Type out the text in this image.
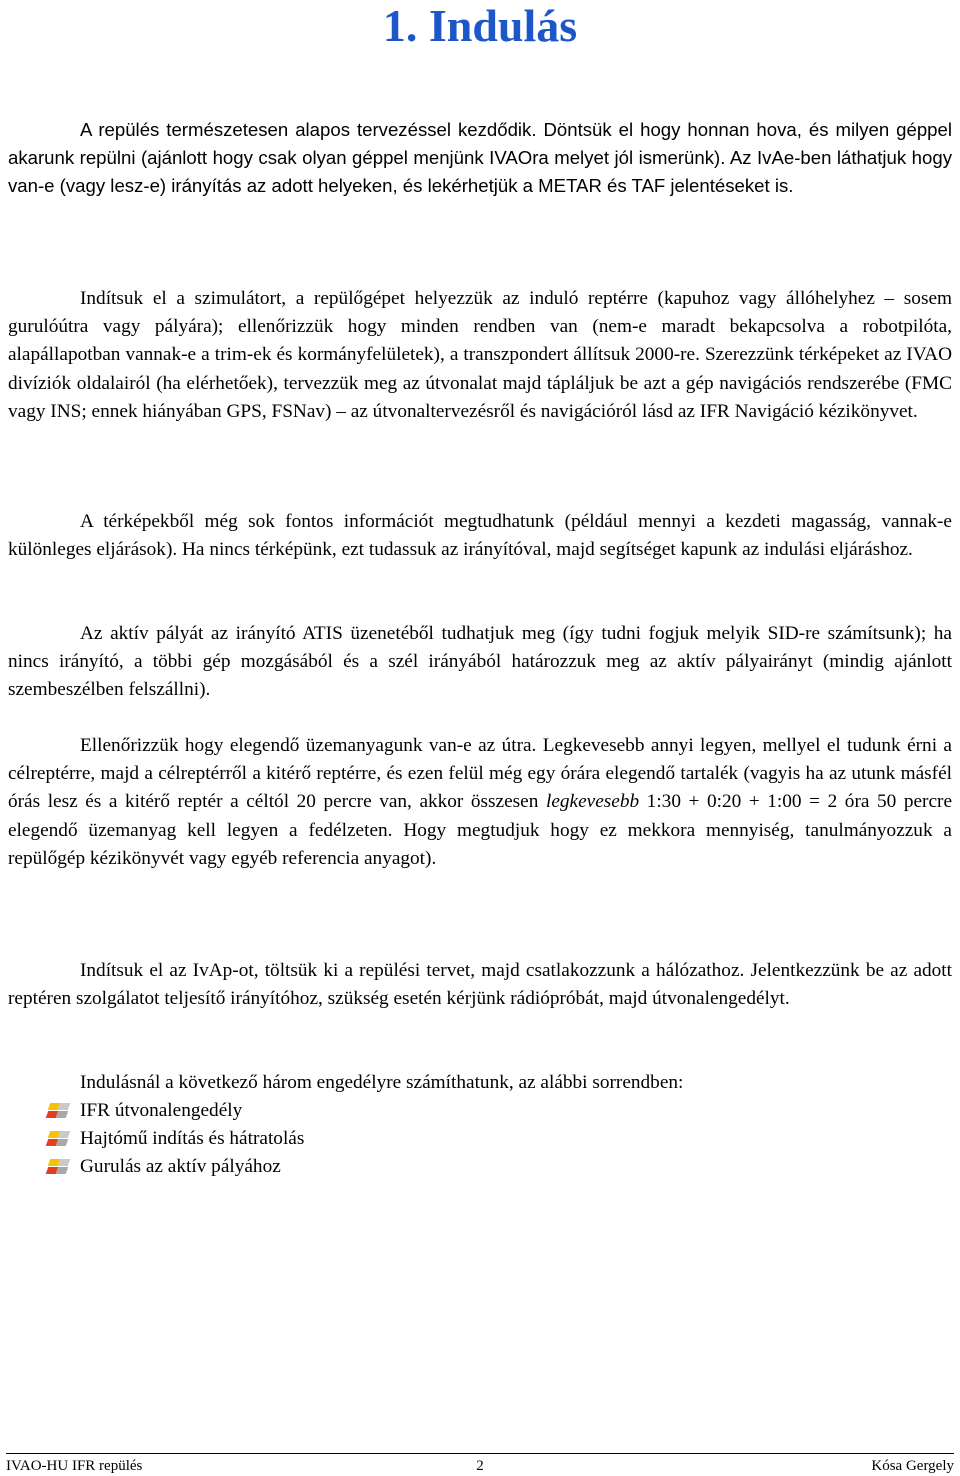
1. Indulás

A repülés természetesen alapos tervezéssel kezdődik. Döntsük el hogy honnan hova, és milyen géppel akarunk repülni (ajánlott hogy csak olyan géppel menjünk IVAOra melyet jól ismerünk). Az IvAe-ben láthatjuk hogy van-e (vagy lesz-e) irányítás az adott helyeken, és lekérhetjük a METAR és TAF jelentéseket is.

Indítsuk el a szimulátort, a repülőgépet helyezzük az induló reptérre (kapuhoz vagy állóhelyhez – sosem gurulóútra vagy pályára); ellenőrizzük hogy minden rendben van (nem-e maradt bekapcsolva a robotpilóta, alapállapotban vannak-e a trim-ek és kormányfelületek), a transzpondert állítsuk 2000-re. Szerezzünk térképeket az IVAO divíziók oldalairól (ha elérhetőek), tervezzük meg az útvonalat majd tápláljuk be azt a gép navigációs rendszerébe (FMC vagy INS; ennek hiányában GPS, FSNav) – az útvonaltervezésről és navigációról lásd az IFR Navigáció kézikönyvet.

A térképekből még sok fontos információt megtudhatunk (például mennyi a kezdeti magasság, vannak-e különleges eljárások). Ha nincs térképünk, ezt tudassuk az irányítóval, majd segítséget kapunk az indulási eljáráshoz.

Az aktív pályát az irányító ATIS üzenetéből tudhatjuk meg (így tudni fogjuk melyik SID-re számítsunk); ha nincs irányító, a többi gép mozgásából és a szél irányából határozzuk meg az aktív pályairányt (mindig ajánlott szembeszélben felszállni).

Ellenőrizzük hogy elegendő üzemanyagunk van-e az útra. Legkevesebb annyi legyen, mellyel el tudunk érni a célreptérre, majd a célreptérről a kitérő reptérre, és ezen felül még egy órára elegendő tartalék (vagyis ha az utunk másfél órás lesz és a kitérő reptér a céltól 20 percre van, akkor összesen legkevesebb 1:30 + 0:20 + 1:00 = 2 óra 50 percre elegendő üzemanyag kell legyen a fedélzeten. Hogy megtudjuk hogy ez mekkora mennyiség, tanulmányozzuk a repülőgép kézikönyvét vagy egyéb referencia anyagot).

Indítsuk el az IvAp-ot, töltsük ki a repülési tervet, majd csatlakozzunk a hálózathoz. Jelentkezzünk be az adott reptéren szolgálatot teljesítő irányítóhoz, szükség esetén kérjünk rádiópróbát, majd útvonalengedélyt.

Indulásnál a következő három engedélyre számíthatunk, az alábbi sorrendben:

IFR útvonalengedély
Hajtómű indítás és hátratolás
Gurulás az aktív pályához
2
IVAO-HU IFR repülés	Kósa Gergely
